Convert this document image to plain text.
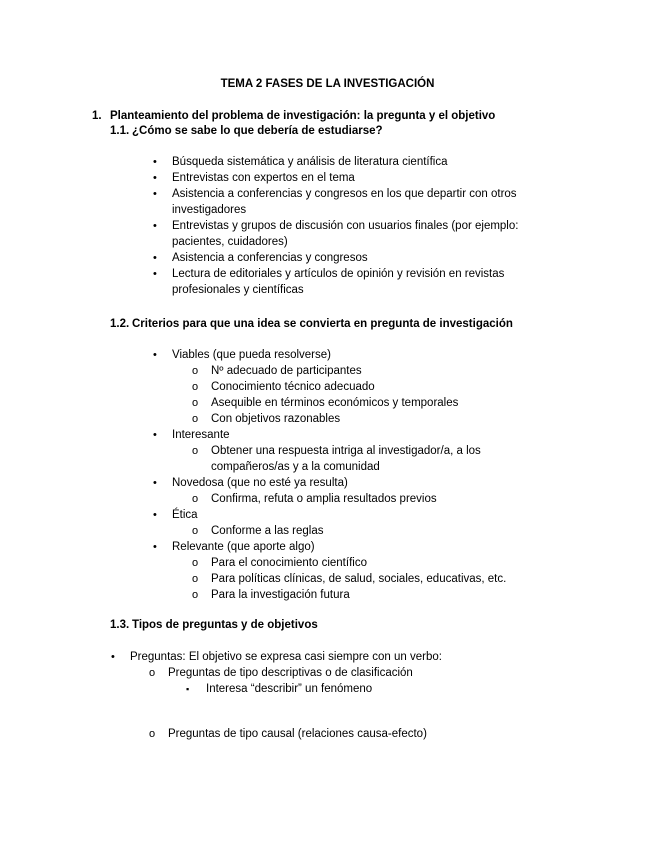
TEMA 2 FASES DE LA INVESTIGACIÓN
1. Planteamiento del problema de investigación: la pregunta y el objetivo
1.1. ¿Cómo se sabe lo que debería de estudiarse?
• Búsqueda sistemática y análisis de literatura científica
• Entrevistas con expertos en el tema
• Asistencia a conferencias y congresos en los que departir con otros
investigadores
• Entrevistas y grupos de discusión con usuarios finales (por ejemplo:
pacientes, cuidadores)
• Asistencia a conferencias y congresos
• Lectura de editoriales y artículos de opinión y revisión en revistas
profesionales y científicas
1.2. Criterios para que una idea se convierta en pregunta de investigación
• Viables (que pueda resolverse)
o Nº adecuado de participantes
o Conocimiento técnico adecuado
o Asequible en términos económicos y temporales
o Con objetivos razonables
• Interesante
o Obtener una respuesta intriga al investigador/a, a los
compañeros/as y a la comunidad
• Novedosa (que no esté ya resulta)
o Confirma, refuta o amplia resultados previos
• Ética
o Conforme a las reglas
• Relevante (que aporte algo)
o Para el conocimiento científico
o Para políticas clínicas, de salud, sociales, educativas, etc.
o Para la investigación futura
1.3. Tipos de preguntas y de objetivos
• Preguntas: El objetivo se expresa casi siempre con un verbo:
o Preguntas de tipo descriptivas o de clasificación
▪ Interesa “describir” un fenómeno
o Preguntas de tipo causal (relaciones causa-efecto)
